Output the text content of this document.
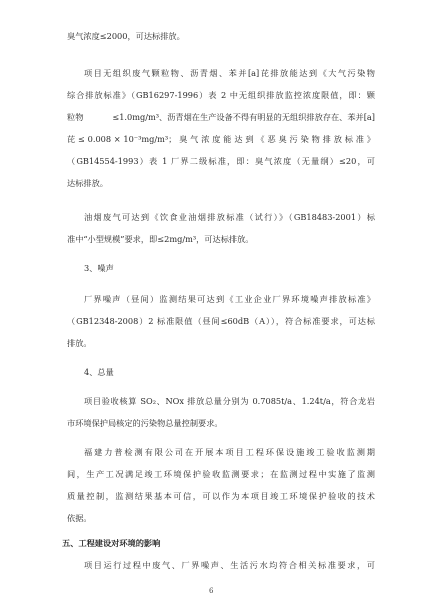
臭气浓度≤2000，可达标排放。
项目无组织废气颗粒物、沥青烟、苯并[a]芘排放能达到《大气污染物
综合排放标准》（GB16297-1996）表 2 中无组织排放监控浓度限值，即：颗
粒物	≤1.0mg/m³、沥青烟在生产设备不得有明显的无组织排放存在、苯并[a]
芘 ≤ 0.008 × 10⁻³mg/m³； 臭 气 浓 度 能 达 到 《 恶 臭 污 染 物 排 放 标 准 》
（GB14554-1993）表 1 厂界二级标准，即：臭气浓度（无量纲）≤20，可
达标排放。
油烟废气可达到《饮食业油烟排放标准（试行）》（GB18483-2001）标
准中“小型规模”要求，即≤2mg/m³，可达标排放。
3、噪声
厂界噪声（昼间）监测结果可达到《工业企业厂界环境噪声排放标准》
（GB12348-2008）2 标准限值（昼间≤60dB（A）），符合标准要求，可达标
排放。
4、总量
项目验收核算 SO₂、NOx 排放总量分别为 0.7085t/a、1.24t/a，符合龙岩
市环境保护局核定的污染物总量控制要求。
福建力普检测有限公司在开展本项目工程环保设施竣工验收监测期
间，生产工况满足竣工环境保护验收监测要求；在监测过程中实施了监测
质量控制，监测结果基本可信，可以作为本项目竣工环境保护验收的技术
依据。
五、工程建设对环境的影响
项目运行过程中废气、厂界噪声、生活污水均符合相关标准要求，可
6
